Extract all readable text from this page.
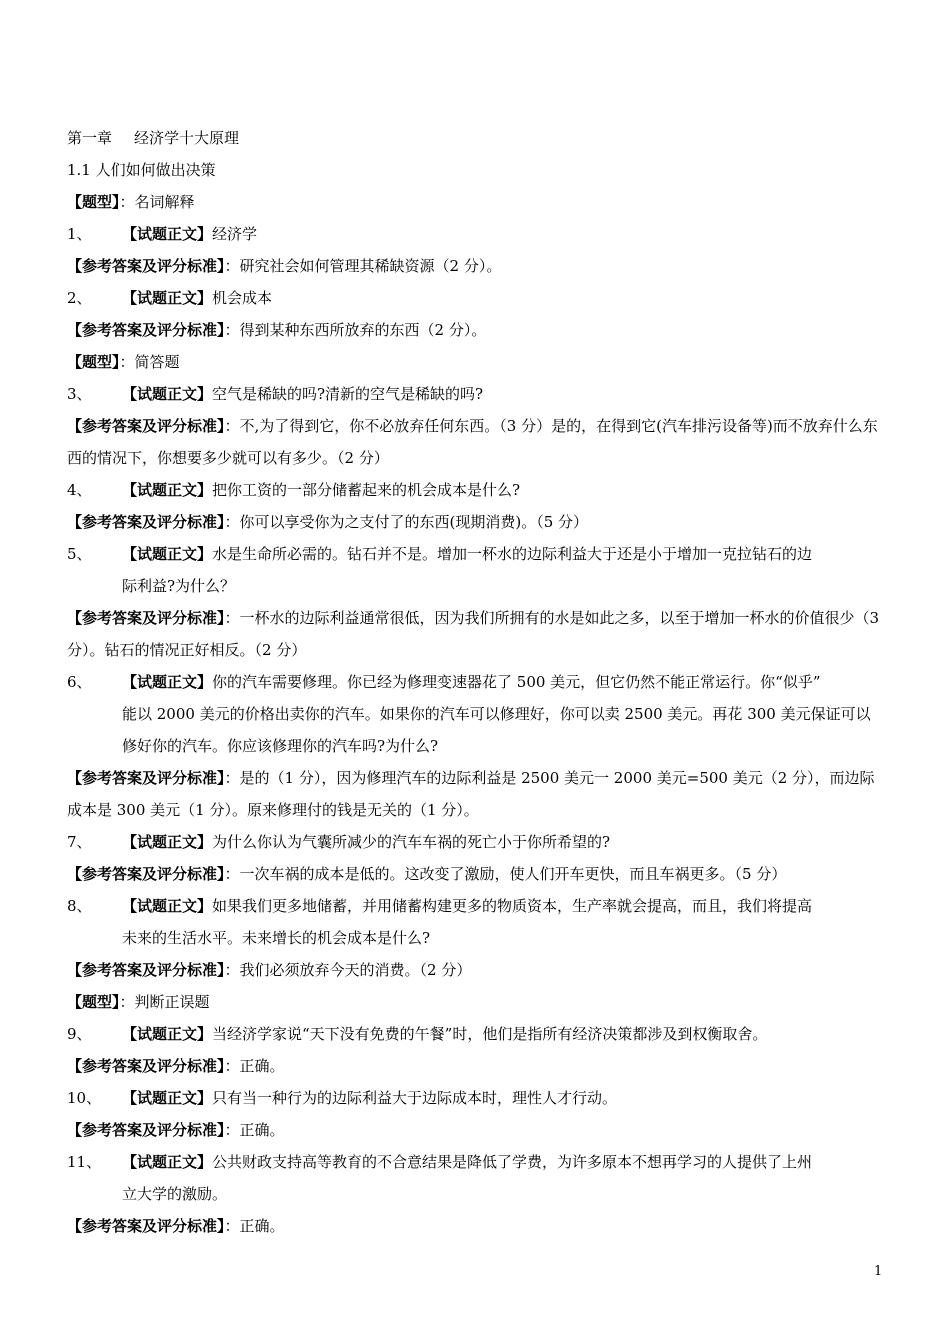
第一章 经济学十大原理
1.1 人们如何做出决策
【题型】：名词解释
1、	【试题正文】经济学
【参考答案及评分标准】：研究社会如何管理其稀缺资源（2 分）。
2、	【试题正文】机会成本
【参考答案及评分标准】：得到某种东西所放弃的东西（2 分）。
【题型】：简答题
3、	【试题正文】空气是稀缺的吗?清新的空气是稀缺的吗?
【参考答案及评分标准】：不,为了得到它，你不必放弃任何东西。（3 分）是的，在得到它(汽车排污设备等)而不放弃什么东西的情况下，你想要多少就可以有多少。（2 分）
4、	【试题正文】把你工资的一部分储蓄起来的机会成本是什么?
【参考答案及评分标准】：你可以享受你为之支付了的东西(现期消费)。（5 分）
5、	【试题正文】水是生命所必需的。钻石并不是。增加一杯水的边际利益大于还是小于增加一克拉钻石的边
际利益?为什么？
【参考答案及评分标准】：一杯水的边际利益通常很低，因为我们所拥有的水是如此之多，以至于增加一杯水的价值很少（3 分）。钻石的情况正好相反。（2 分）
6、	【试题正文】你的汽车需要修理。你已经为修理变速器花了 500 美元，但它仍然不能正常运行。你“似乎”
能以 2000 美元的价格出卖你的汽车。如果你的汽车可以修理好，你可以卖 2500 美元。再花 300 美元保证可以修好你的汽车。你应该修理你的汽车吗?为什么?
【参考答案及评分标准】：是的（1 分），因为修理汽车的边际利益是 2500 美元一 2000 美元=500 美元（2 分），而边际成本是 300 美元（1 分）。原来修理付的钱是无关的（1 分）。
7、	【试题正文】为什么你认为气囊所减少的汽车车祸的死亡小于你所希望的?
【参考答案及评分标准】：一次车祸的成本是低的。这改变了激励，使人们开车更快，而且车祸更多。（5 分）
8、	【试题正文】如果我们更多地储蓄，并用储蓄构建更多的物质资本，生产率就会提高，而且，我们将提高
未来的生活水平。未来增长的机会成本是什么?
【参考答案及评分标准】：我们必须放弃今天的消费。（2 分）
【题型】：判断正误题
9、	【试题正文】当经济学家说“天下没有免费的午餐”时，他们是指所有经济决策都涉及到权衡取舍。
【参考答案及评分标准】：正确。
10、	【试题正文】只有当一种行为的边际利益大于边际成本时，理性人才行动。
【参考答案及评分标准】：正确。
11、	【试题正文】公共财政支持高等教育的不合意结果是降低了学费，为许多原本不想再学习的人提供了上州
立大学的激励。
【参考答案及评分标准】：正确。
1
